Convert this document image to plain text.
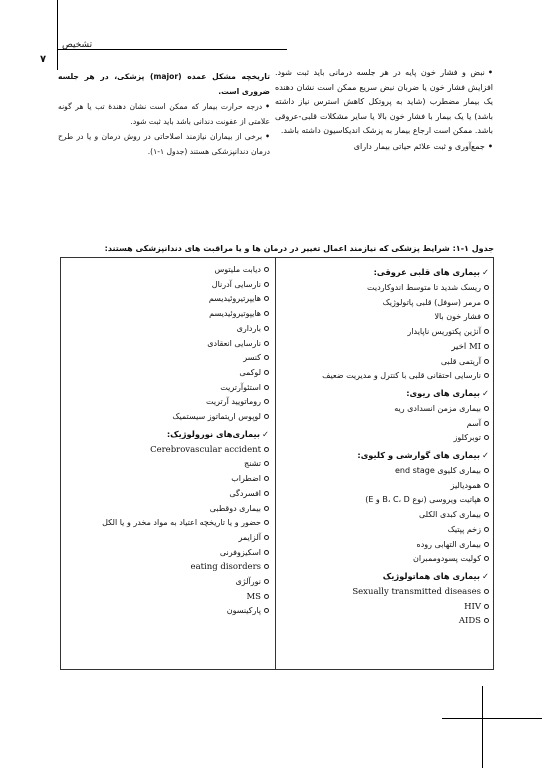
تشخیص
۷

•نبض و فشار خون پایه در هر جلسه درمانی باید ثبت شود. افزایش فشار خون یا ضربان نبض سریع ممکن است نشان دهنده یک بیمار مضطرب (شاید به پروتکل کاهش استرس نیاز داشته باشد) یا یک بیمار با فشار خون بالا یا سایر مشکلات قلبی-عروقی باشد. ممکن است ارجاع بیمار به پزشک اندیکاسیون داشته باشد.

•جمع‌آوری و ثبت علائم حیاتی بیمار دارای

تاریخچه مشکل عمده (major) پزشکی، در هر جلسه ضروری است.

•درجه حرارت بیمار که ممکن است نشان دهندهٔ تب یا هر گونه علامتی از عفونت دندانی باشد باید ثبت شود.

•برخی از بیماران نیازمند اصلاحاتی در روش درمان و یا در طرح درمان دندانپزشکی هستند (جدول ۱-۱).

جدول ۱-۱: شرایط پزشکی که نیازمند اعمال تغییر در درمان ها و یا مراقبت های دندانپزشکی هستند:
✓بیماری های قلبی عروقی:
ریسک شدید تا متوسط اندوکاردیت
مرمر (سوفل) قلبی پاتولوژیک
فشار خون بالا
آنژین پکتوریس ناپایدار
MI اخیر
آریتمی قلبی
نارسایی احتقانی قلبی با کنترل و مدیریت ضعیف
✓بیماری های ریوی:
بیماری مزمن انسدادی ریه
آسم
توبرکلوز
✓بیماری های گوارشی و کلیوی:
بیماری کلیوی end stage
همودیالیز
هپاتیت ویروسی (نوع B، C، D و E)
بیماری کبدی الکلی
زخم پپتیک
بیماری التهابی روده
کولیت پسودوممبران
✓بیماری های هماتولوژیک
Sexually transmitted diseases
HIV
AIDS
دیابت ملیتوس
نارسایی آدرنال
هایپرتیروئیدیسم
هایپوتیروئیدیسم
بارداری
نارسایی انعقادی
کنسر
لوکمی
استئوآرتریت
روماتویید آرتریت
لوپوس اریتماتوز سیستمیک
✓بیماری‌های نورولوژیک:
Cerebrovascular accident
تشنج
اضطراب
افسردگی
بیماری دوقطبی
حضور و یا تاریخچه اعتیاد به مواد مخدر و یا الکل
آلزایمر
اسکیزوفرنی
eating disorders
نورآلژی
MS
پارکینسون
